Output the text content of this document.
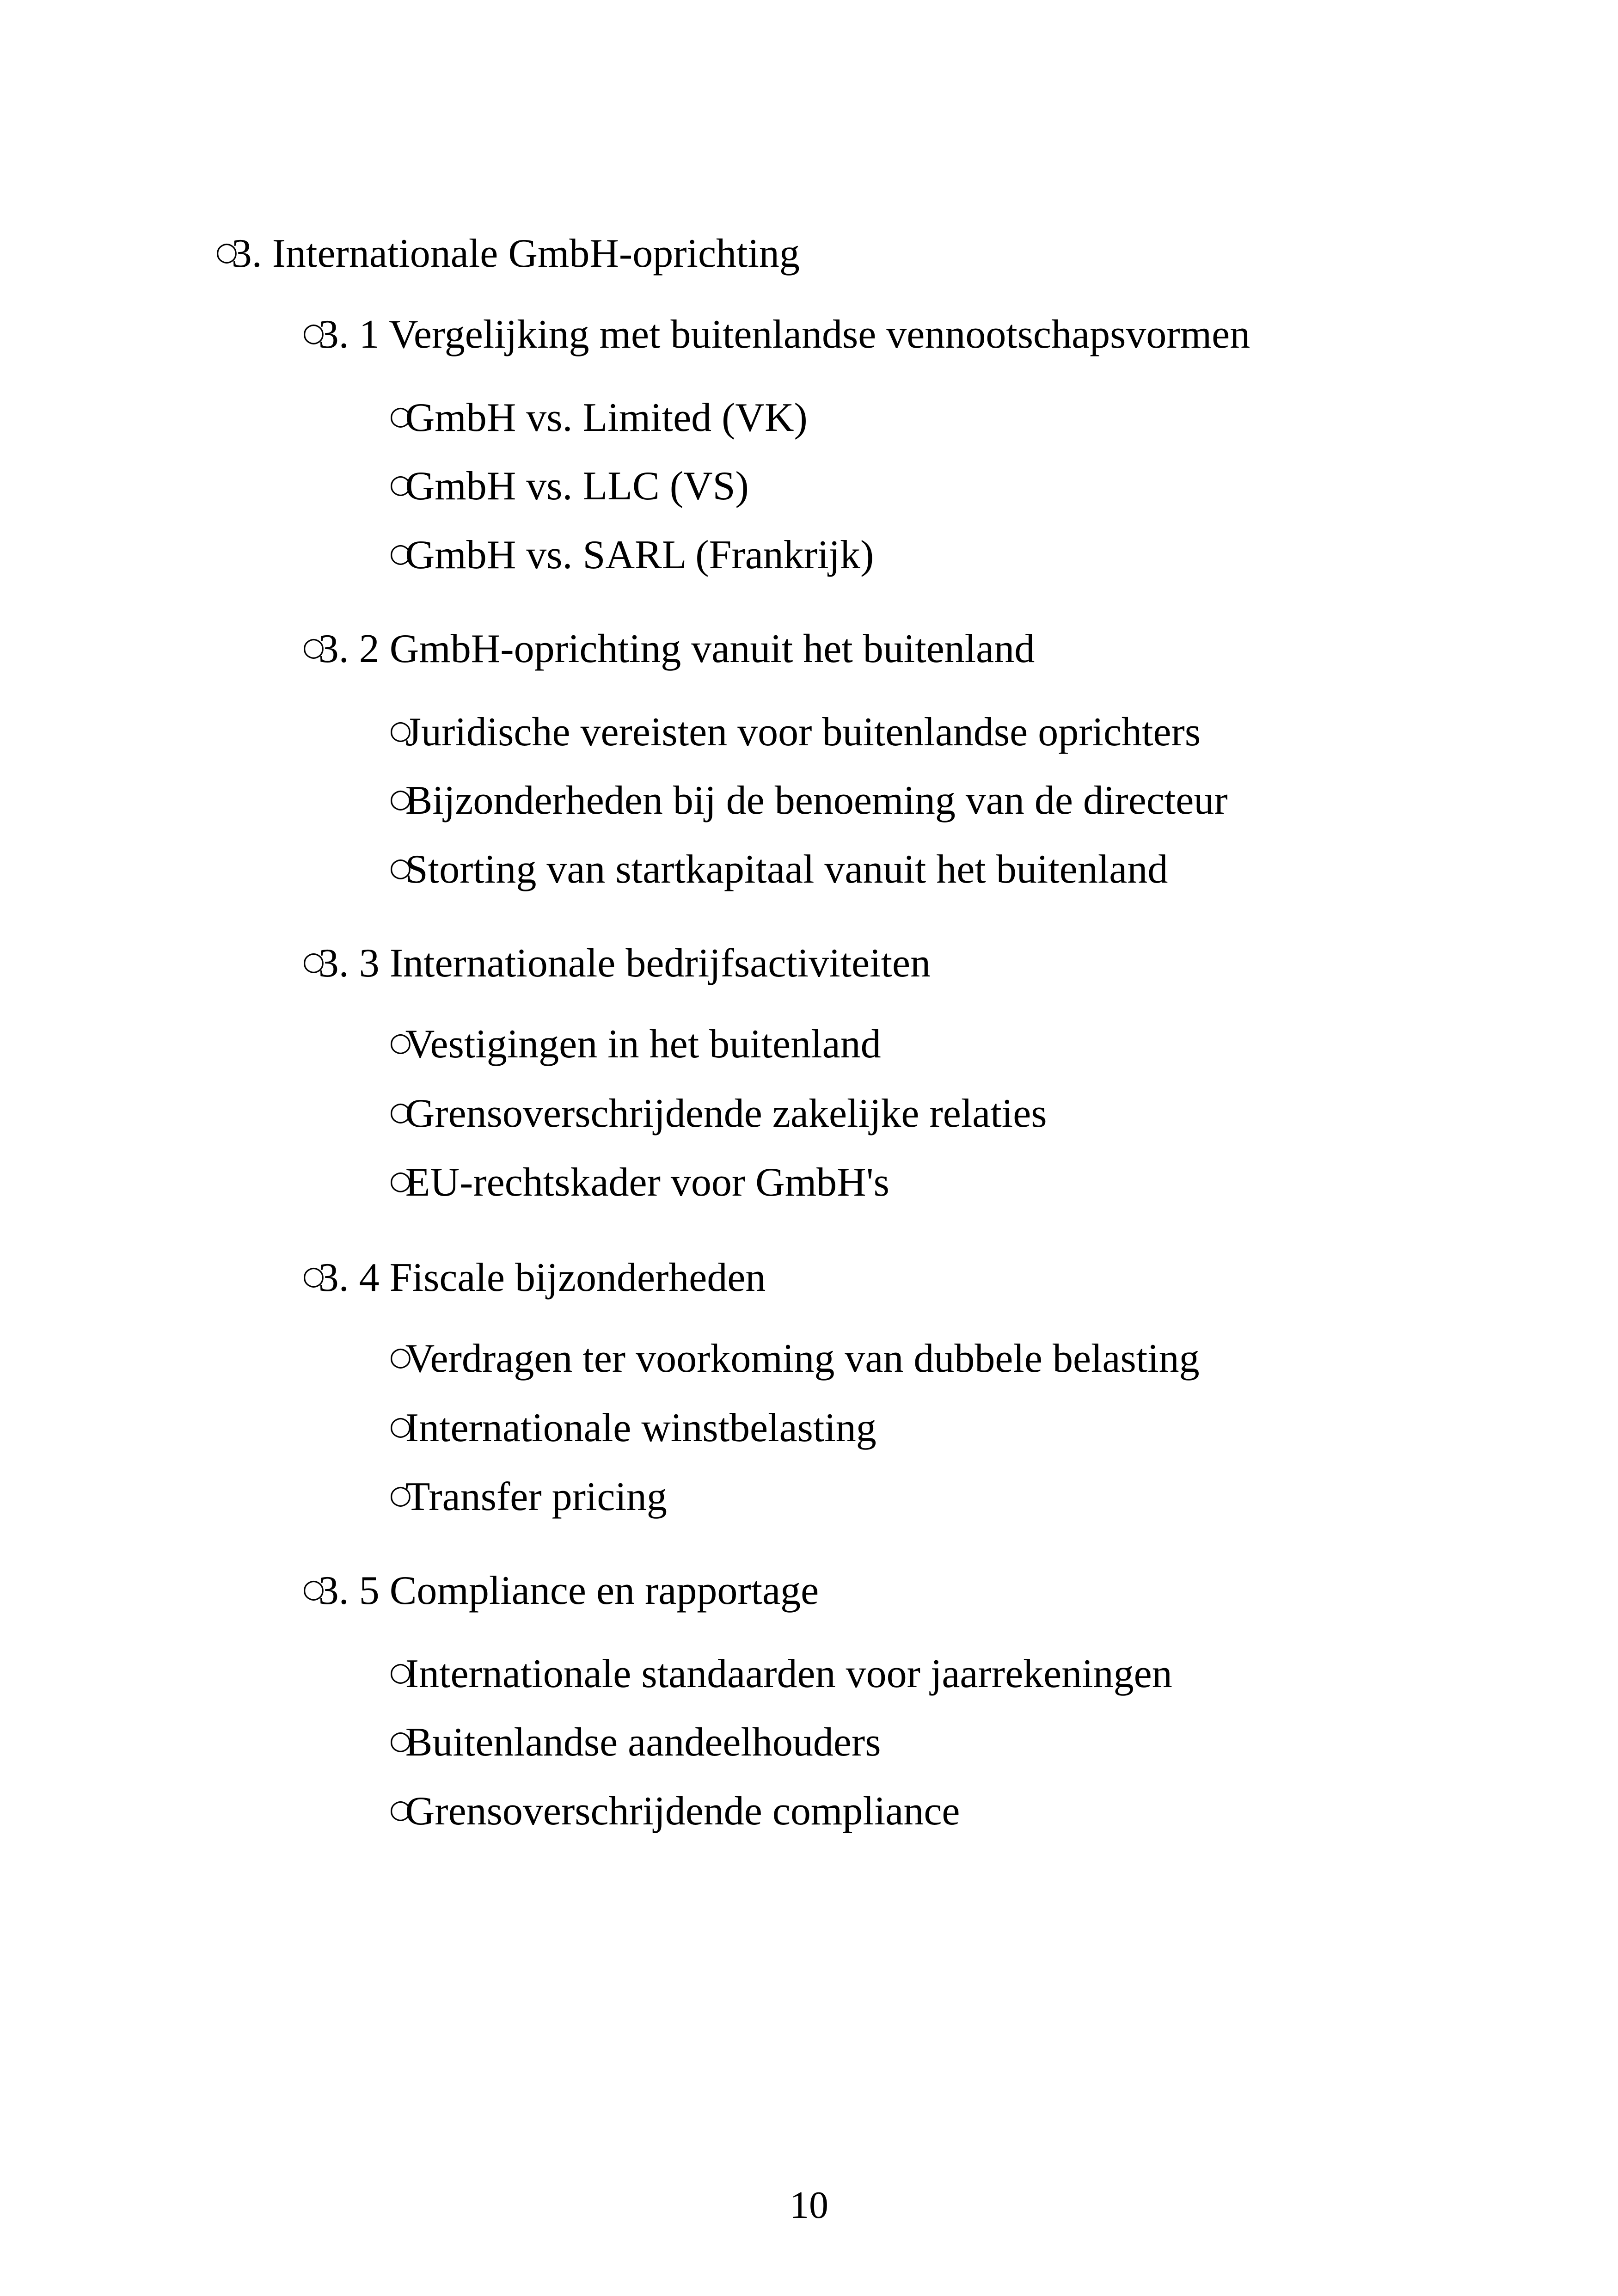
○3. Internationale GmbH-oprichting
○3. 1 Vergelijking met buitenlandse vennootschapsvormen
○GmbH vs. Limited (VK)
○GmbH vs. LLC (VS)
○GmbH vs. SARL (Frankrijk)
○3. 2 GmbH-oprichting vanuit het buitenland
○Juridische vereisten voor buitenlandse oprichters
○Bijzonderheden bij de benoeming van de directeur
○Storting van startkapitaal vanuit het buitenland
○3. 3 Internationale bedrijfsactiviteiten
○Vestigingen in het buitenland
○Grensoverschrijdende zakelijke relaties
○EU-rechtskader voor GmbH's
○3. 4 Fiscale bijzonderheden
○Verdragen ter voorkoming van dubbele belasting
○Internationale winstbelasting
○Transfer pricing
○3. 5 Compliance en rapportage
○Internationale standaarden voor jaarrekeningen
○Buitenlandse aandeelhouders
○Grensoverschrijdende compliance
10
